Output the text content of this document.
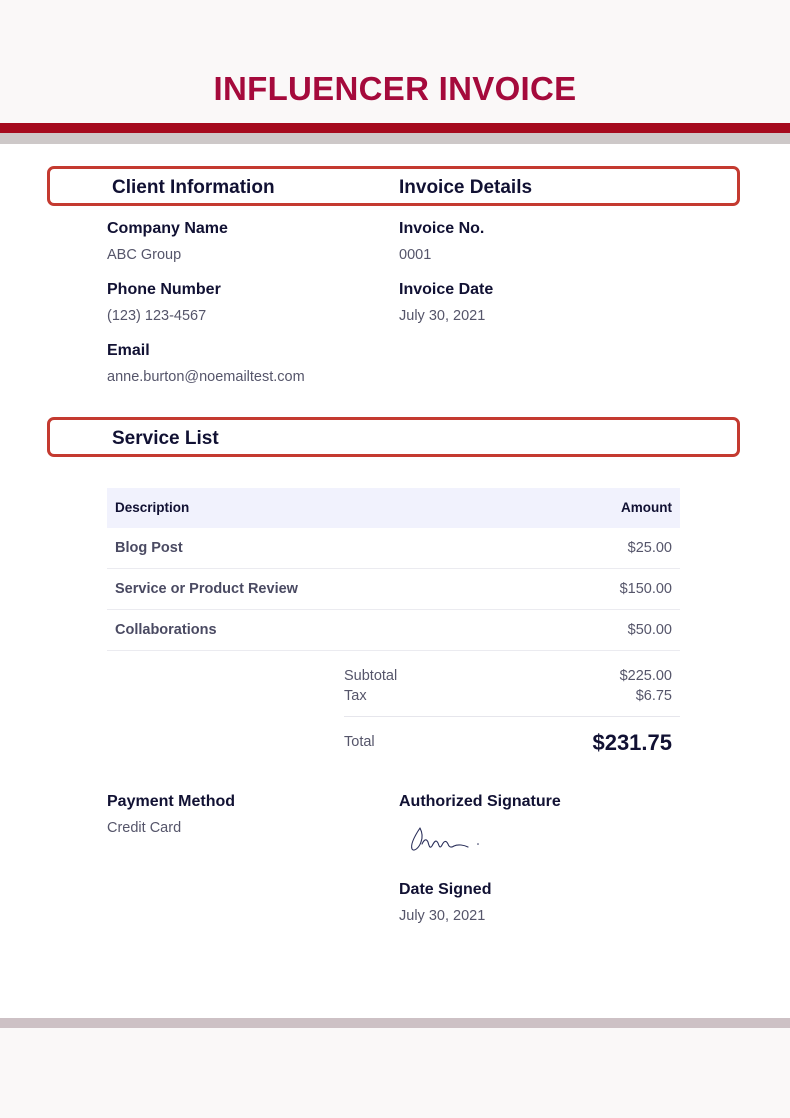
INFLUENCER INVOICE
Client Information	Invoice Details
Company Name
ABC Group
Phone Number
(123) 123-4567
Email
anne.burton@noemailtest.com
Invoice No.
0001
Invoice Date
July 30, 2021
Service List
Description	Amount
Blog Post	$25.00
Service or Product Review	$150.00
Collaborations	$50.00
Subtotal	$225.00
Tax	$6.75
Total	$231.75
Payment Method
Credit Card
Authorized Signature
Date Signed
July 30, 2021
